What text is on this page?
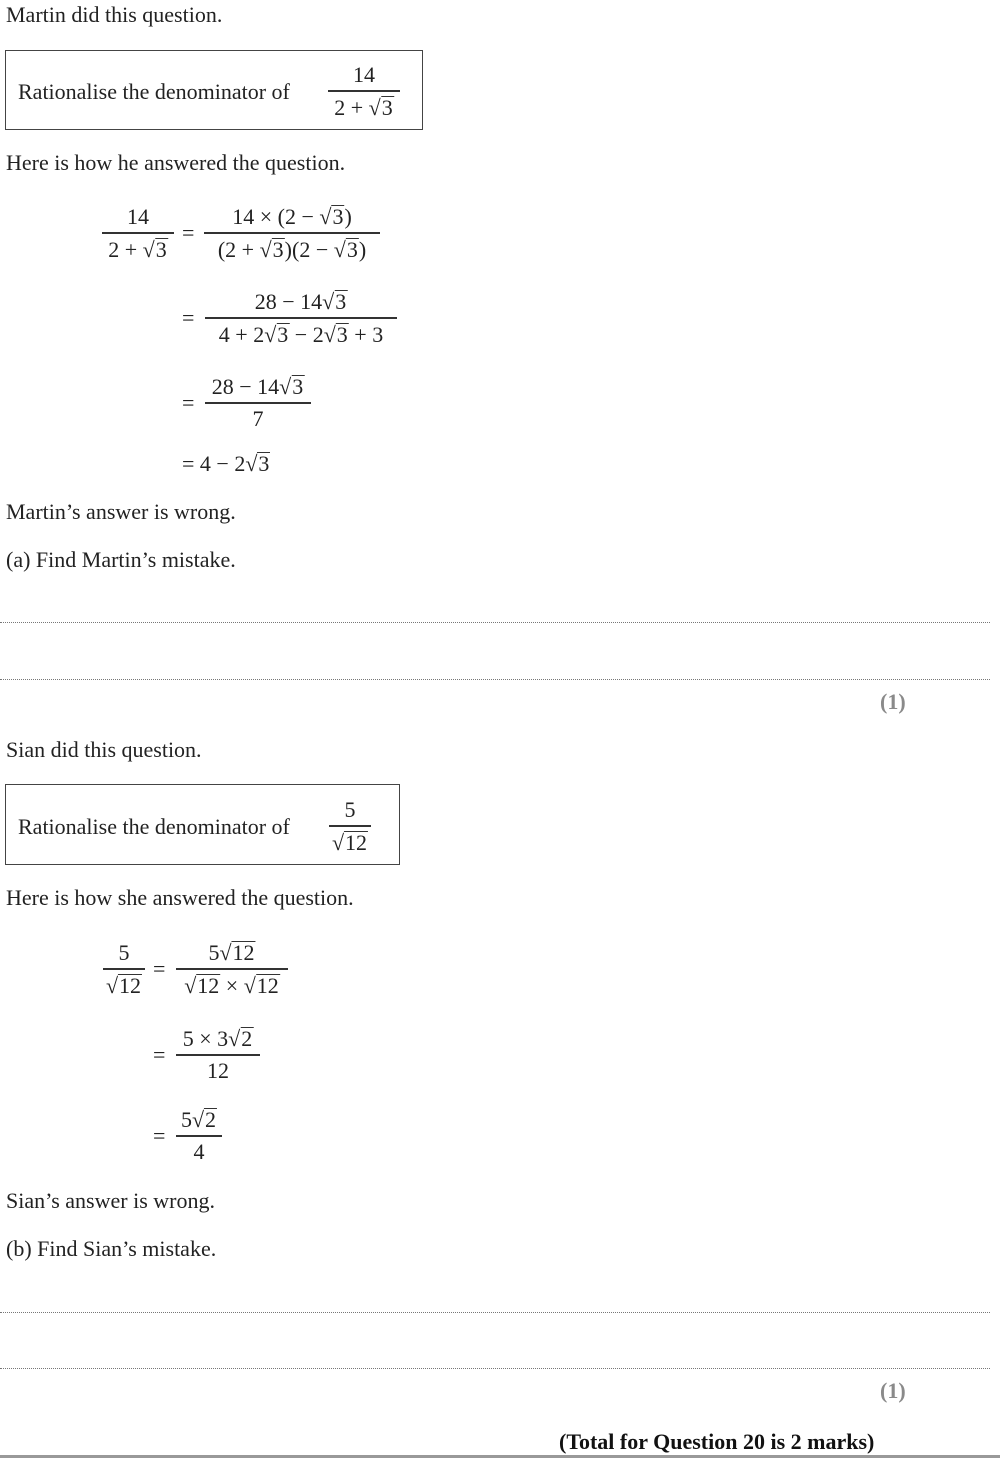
Martin did this question.
Rationalise the denominator of
14
2 + √3
Here is how he answered the question.
14
2 + √3
=
14 × (2 − √3)
(2 + √3)(2 − √3)
=
28 − 14√3
4 + 2√3 − 2√3 + 3
=
28 − 14√3
7
= 4 − 2√3
Martin’s answer is wrong.
(a) Find Martin’s mistake.
(1)
Sian did this question.
Rationalise the denominator of
5
√12
Here is how she answered the question.
5
√12
=
5√12
√12 × √12
=
5 × 3√2
12
=
5√2
4
Sian’s answer is wrong.
(b) Find Sian’s mistake.
(1)
(Total for Question 20 is 2 marks)
